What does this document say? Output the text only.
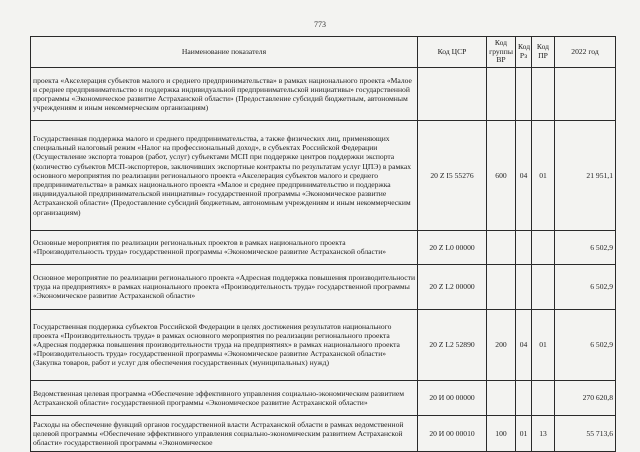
773
Наименование показателя	Код ЦСР	Код группы ВР	Код Рз	Код ПР	2022 год
проекта «Акселерация субъектов малого и среднего предпринимательства» в рамках национального проекта «Малое и среднее предпринимательство и поддержка индивидуальной предпринимательской инициативы» государственной программы «Экономическое развитие Астраханской области» (Предоставление субсидий бюджетным, автономным учреждениям и иным некоммерческим организациям)					
Государственная поддержка малого и среднего предпринимательства, а также физических лиц, применяющих специальный налоговый режим «Налог на профессиональный доход», в субъектах Российской Федерации (Осуществление экспорта товаров (работ, услуг) субъектами МСП при поддержке центров поддержки экспорта (количество субъектов МСП-экспортеров, заключивших экспортные контракты по результатам услуг ЦПЭ) в рамках основного мероприятия по реализации регионального проекта «Акселерация субъектов малого и среднего предпринимательства» в рамках национального проекта «Малое и среднее предпринимательство и поддержка индивидуальной предпринимательской инициативы» государственной программы «Экономическое развитие Астраханской области» (Предоставление субсидий бюджетным, автономным учреждениям и иным некоммерческим организациям)	20 Z I5 55276	600	04	01	21 951,1
Основные мероприятия по реализации региональных проектов в рамках национального проекта «Производительность труда» государственной программы «Экономическое развитие Астраханской области»	20 Z L0 00000				6 502,9
Основное мероприятие по реализации регионального проекта «Адресная поддержка повышения производительности труда на предприятиях» в рамках национального проекта «Производительность труда» государственной программы «Экономическое развитие Астраханской области»	20 Z L2 00000				6 502,9
Государственная поддержка субъектов Российской Федерации в целях достижения результатов национального проекта «Производительность труда» в рамках основного мероприятия по реализации регионального проекта «Адресная поддержка повышения производительности труда на предприятиях» в рамках национального проекта «Производительность труда» государственной программы «Экономическое развитие Астраханской области» (Закупка товаров, работ и услуг для обеспечения государственных (муниципальных) нужд)	20 Z L2 52890	200	04	01	6 502,9
Ведомственная целевая программа «Обеспечение эффективного управления социально-экономическим развитием Астраханской области» государственной программы «Экономическое развитие Астраханской области»	20 И 00 00000				270 620,8
Расходы на обеспечение функций органов государственной власти Астраханской области в рамках ведомственной целевой программы «Обеспечение эффективного управления социально-экономическим развитием Астраханской области» государственной программы «Экономическое	20 И 00 00010	100	01	13	55 713,6
